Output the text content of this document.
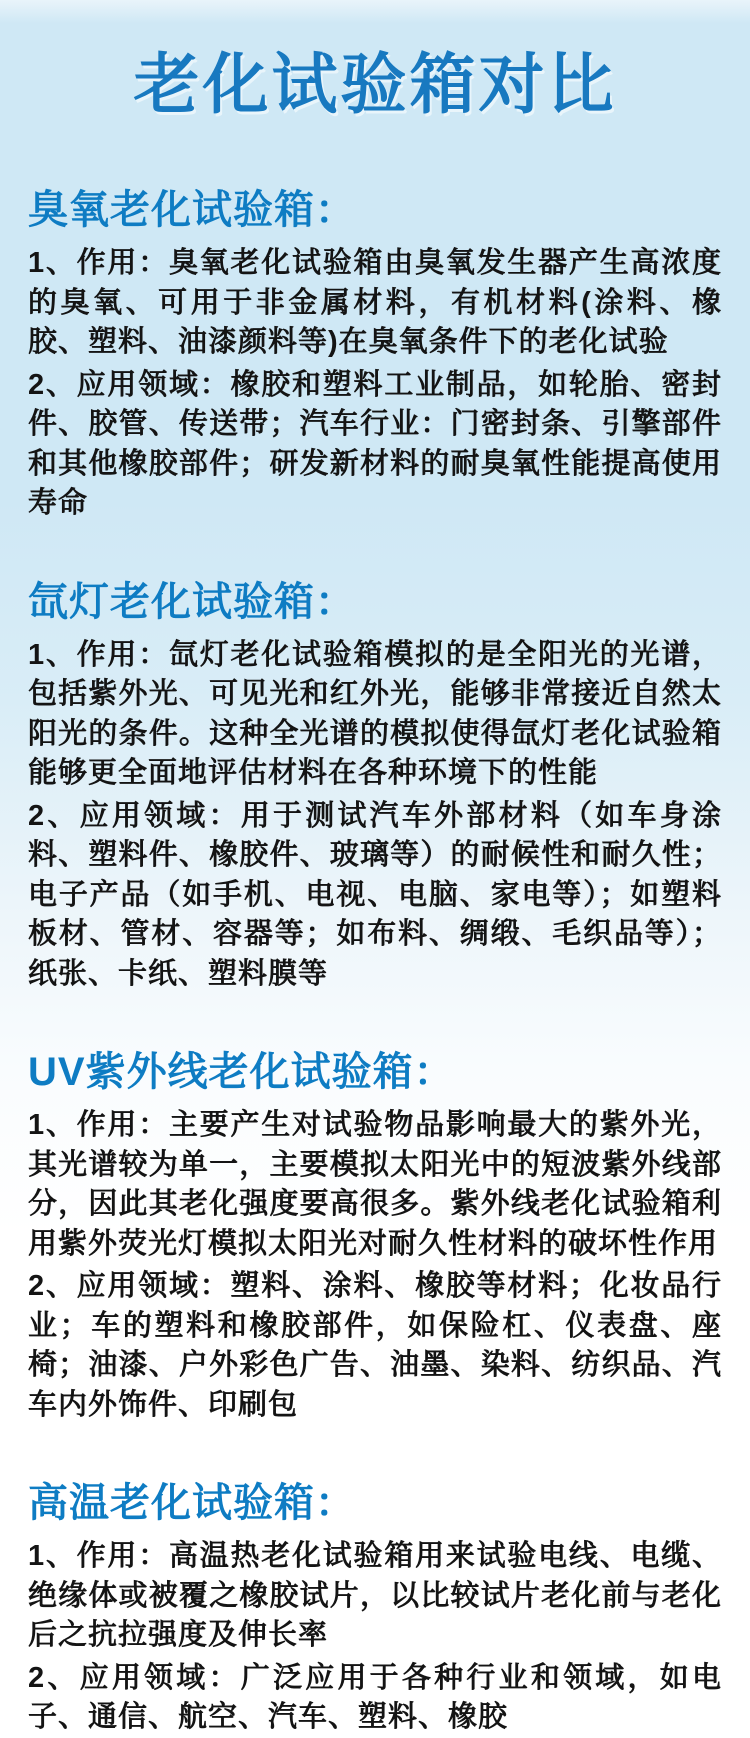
老化试验箱对比
臭氧老化试验箱：

1、作用：臭氧老化试验箱由臭氧发生器产生高浓度的臭氧、可用于非金属材料，有机材料(涂料、橡胶、塑料、油漆颜料等)在臭氧条件下的老化试验

2、应用领域：橡胶和塑料工业制品，如轮胎、密封件、胶管、传送带；汽车行业：门密封条、引擎部件和其他橡胶部件；研发新材料的耐臭氧性能提高使用寿命

氙灯老化试验箱：

1、作用：氙灯老化试验箱模拟的是全阳光的光谱，包括紫外光、可见光和红外光，能够非常接近自然太阳光的条件。这种全光谱的模拟使得氙灯老化试验箱能够更全面地评估材料在各种环境下的性能

2、应用领域：用于测试汽车外部材料（如车身涂料、塑料件、橡胶件、玻璃等）的耐候性和耐久性；电子产品（如手机、电视、电脑、家电等）；如塑料板材、管材、容器等；如布料、绸缎、毛织品等）；纸张、卡纸、塑料膜等

UV紫外线老化试验箱：

1、作用：主要产生对试验物品影响最大的紫外光，其光谱较为单一，主要模拟太阳光中的短波紫外线部分，因此其老化强度要高很多。紫外线老化试验箱利用紫外荧光灯模拟太阳光对耐久性材料的破坏性作用

2、应用领域：塑料、涂料、橡胶等材料；化妆品行业；车的塑料和橡胶部件，如保险杠、仪表盘、座椅；油漆、户外彩色广告、油墨、染料、纺织品、汽车内外饰件、印刷包

高温老化试验箱：

1、作用：高温热老化试验箱用来试验电线、电缆、绝缘体或被覆之橡胶试片，以比较试片老化前与老化后之抗拉强度及伸长率

2、应用领域：广泛应用于各种行业和领域，如电子、通信、航空、汽车、塑料、橡胶
